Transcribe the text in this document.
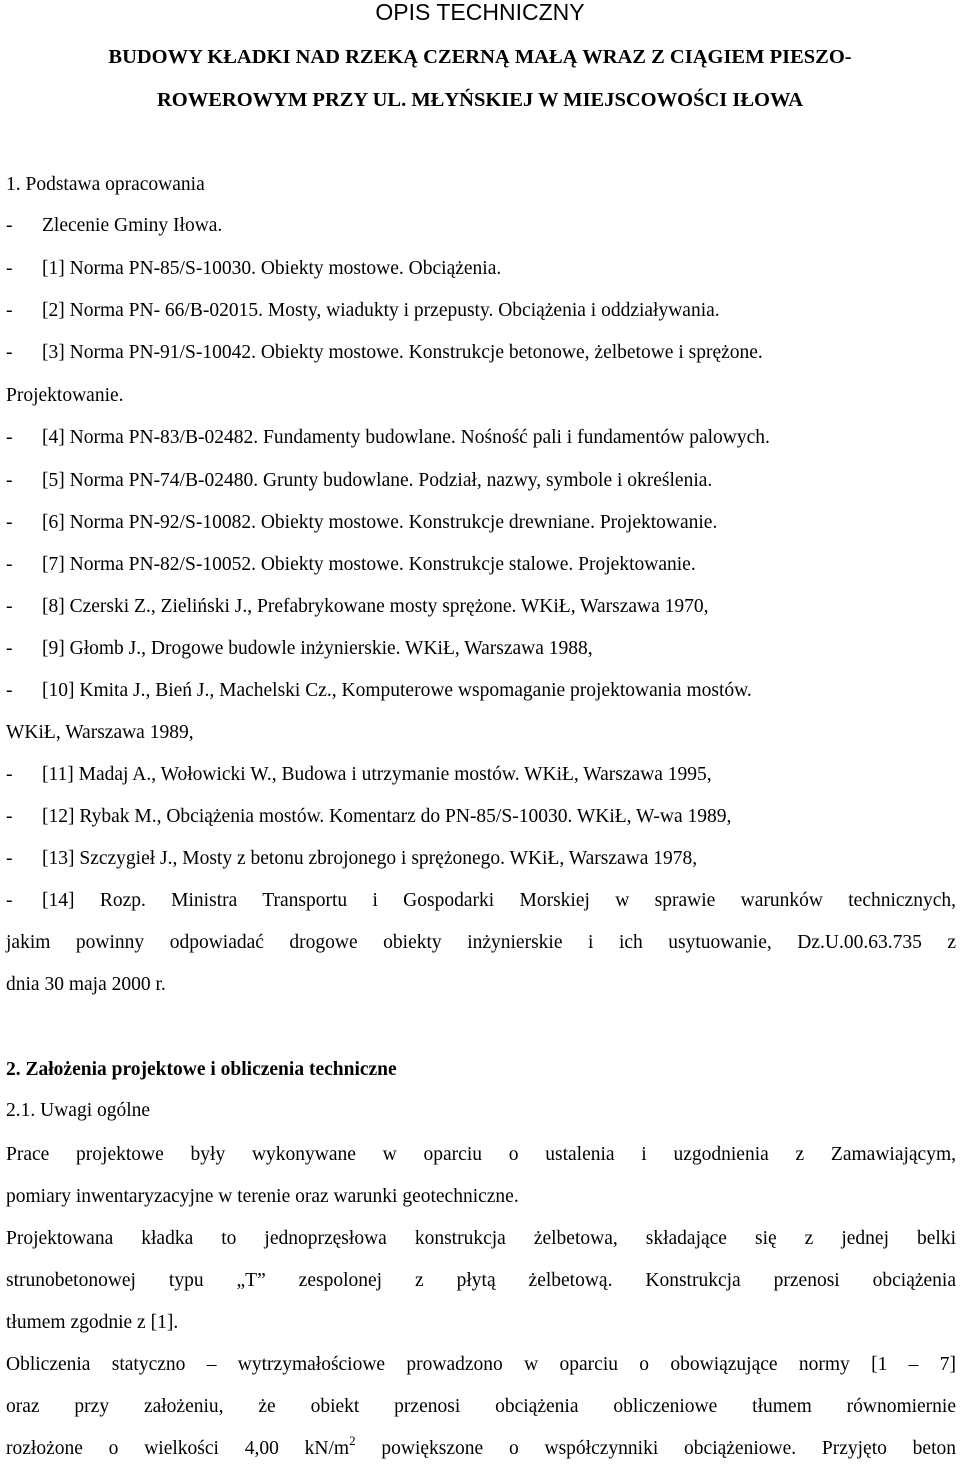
OPIS TECHNICZNY
BUDOWY KŁADKI NAD RZEKĄ CZERNĄ MAŁĄ WRAZ Z CIĄGIEM PIESZO-
ROWEROWYM PRZY UL. MŁYŃSKIEJ W MIEJSCOWOŚCI IŁOWA
1. Podstawa opracowania
- Zlecenie Gminy Iłowa.
- [1] Norma PN-85/S-10030. Obiekty mostowe. Obciążenia.
- [2] Norma PN- 66/B-02015. Mosty, wiadukty i przepusty. Obciążenia i oddziaływania.
- [3] Norma PN-91/S-10042. Obiekty mostowe. Konstrukcje betonowe, żelbetowe i sprężone.
Projektowanie.
- [4] Norma PN-83/B-02482. Fundamenty budowlane. Nośność pali i fundamentów palowych.
- [5] Norma PN-74/B-02480. Grunty budowlane. Podział, nazwy, symbole i określenia.
- [6] Norma PN-92/S-10082. Obiekty mostowe. Konstrukcje drewniane. Projektowanie.
- [7] Norma PN-82/S-10052. Obiekty mostowe. Konstrukcje stalowe. Projektowanie.
- [8] Czerski Z., Zieliński J., Prefabrykowane mosty sprężone. WKiŁ, Warszawa 1970,
- [9] Głomb J., Drogowe budowle inżynierskie. WKiŁ, Warszawa 1988,
- [10] Kmita J., Bień J., Machelski Cz., Komputerowe wspomaganie projektowania mostów.
WKiŁ, Warszawa 1989,
- [11] Madaj A., Wołowicki W., Budowa i utrzymanie mostów. WKiŁ, Warszawa 1995,
- [12] Rybak M., Obciążenia mostów. Komentarz do PN-85/S-10030. WKiŁ, W-wa 1989,
- [13] Szczygieł J., Mosty z betonu zbrojonego i sprężonego. WKiŁ, Warszawa 1978,
- [14] Rozp. Ministra Transportu i Gospodarki Morskiej w sprawie warunków technicznych,
jakim powinny odpowiadać drogowe obiekty inżynierskie i ich usytuowanie, Dz.U.00.63.735 z
dnia 30 maja 2000 r.
2. Założenia projektowe i obliczenia techniczne
2.1. Uwagi ogólne
Prace projektowe były wykonywane w oparciu o ustalenia i uzgodnienia z Zamawiającym,
pomiary inwentaryzacyjne w terenie oraz warunki geotechniczne.
Projektowana kładka to jednoprzęsłowa konstrukcja żelbetowa, składające się z jednej belki
strunobetonowej typu „T” zespolonej z płytą żelbetową. Konstrukcja przenosi obciążenia
tłumem zgodnie z [1].
Obliczenia statyczno – wytrzymałościowe prowadzono w oparciu o obowiązujące normy [1 – 7]
oraz przy założeniu, że obiekt przenosi obciążenia obliczeniowe tłumem równomiernie
rozłożone o wielkości 4,00 $kN/m^2$ powiększone o współczynniki obciążeniowe. Przyjęto beton
